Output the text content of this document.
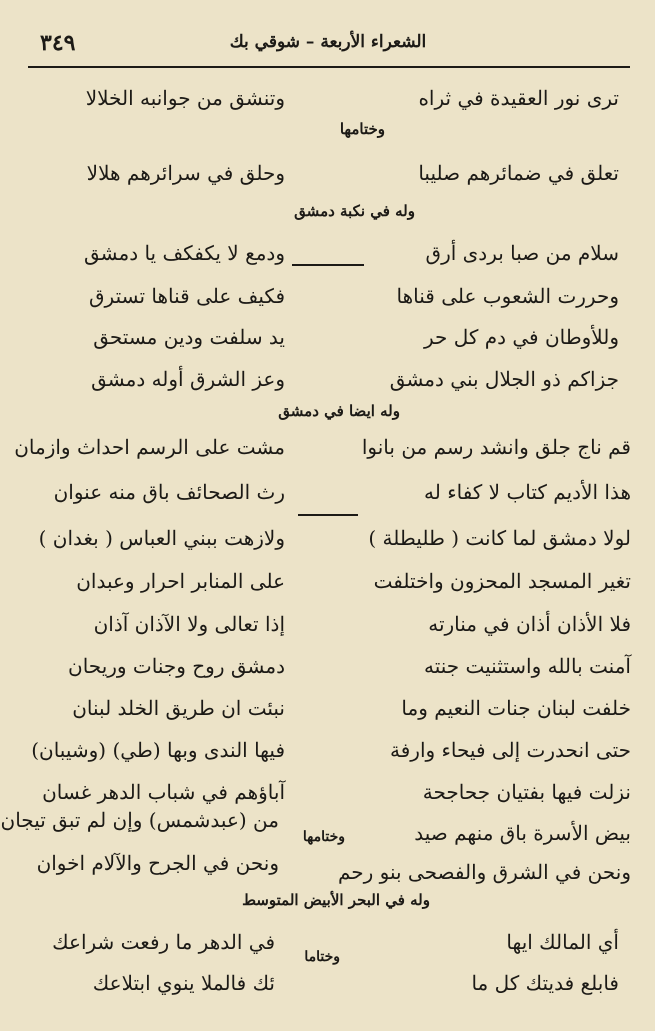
الشعراء الأربعة – شوقي بك
٣٤٩
ترى نور العقيدة في ثراه
وتنشق من جوانبه الخلالا
وختامها
تعلق في ضمائرهم صليبا
وحلق في سرائرهم هلالا
وله في نكبة دمشق
سلام من صبا بردى أرق
ودمع لا يكفكف يا دمشق
وحررت الشعوب على قناها
فكيف على قناها تسترق
وللأوطان في دم كل حر
يد سلفت ودين مستحق
جزاكم ذو الجلال بني دمشق
وعز الشرق أوله دمشق
وله ايضا في دمشق
قم ناج جلق وانشد رسم من بانوا
مشت على الرسم احداث وازمان
هذا الأديم كتاب لا كفاء له
رث الصحائف باق منه عنوان
لولا دمشق لما كانت ( طليطلة )
ولازهت ببني العباس ( بغدان )
تغير المسجد المحزون واختلفت
على المنابر احرار وعبدان
فلا الأذان أذان في منارته
إذا تعالى ولا الآذان آذان
آمنت بالله واستثنيت جنته
دمشق روح وجنات وريحان
خلفت لبنان جنات النعيم وما
نبئت ان طريق الخلد لبنان
حتى انحدرت إلى فيحاء وارفة
فيها الندى وبها (طي) (وشيبان)
نزلت فيها بفتيان جحاجحة
آباؤهم في شباب الدهر غسان
بيض الأسرة باق منهم صيد
وختامها
من (عبدشمس) وإن لم تبق تيجان
ونحن في الشرق والفصحى بنو رحم
ونحن في الجرح والآلام اخوان
وله في البحر الأبيض المتوسط
أي المالك ايها
في الدهر ما رفعت شراعك
وختاما
فابلع فديتك كل ما
ئك فالملا ينوي ابتلاعك
